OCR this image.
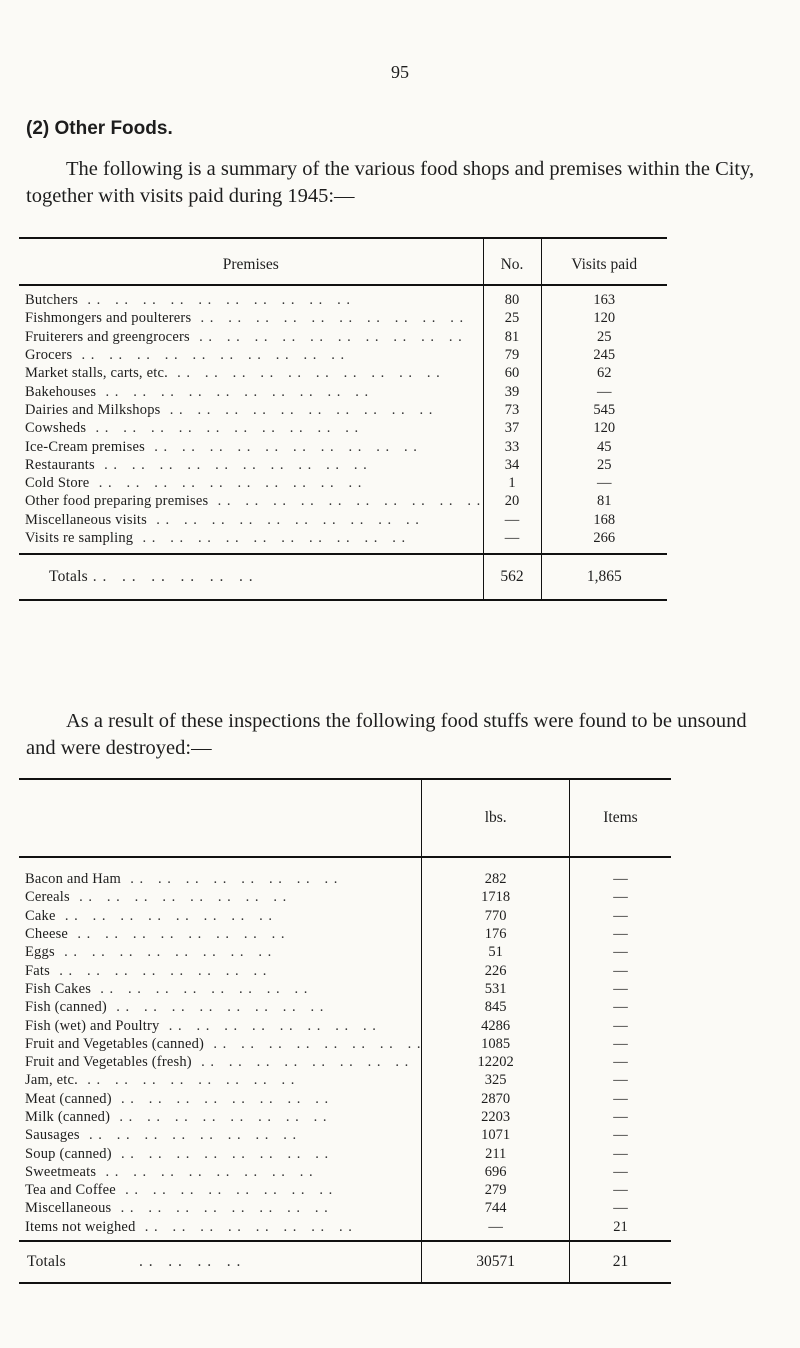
95
(2) Other Foods.
The following is a summary of the various food shops and premises within the City, together with visits paid during 1945:—
Premises	No.	Visits paid
Butchers  . .   . .   . .   . .   . .   . .   . .   . .   . .   . .	80	163
Fishmongers and poulterers  . .   . .   . .   . .   . .   . .   . .   . .   . .   . .	25	120
Fruiterers and greengrocers  . .   . .   . .   . .   . .   . .   . .   . .   . .   . .	81	25
Grocers  . .   . .   . .   . .   . .   . .   . .   . .   . .   . .	79	245
Market stalls, carts, etc.  . .   . .   . .   . .   . .   . .   . .   . .   . .   . .	60	62
Bakehouses  . .   . .   . .   . .   . .   . .   . .   . .   . .   . .	39	—
Dairies and Milkshops  . .   . .   . .   . .   . .   . .   . .   . .   . .   . .	73	545
Cowsheds  . .   . .   . .   . .   . .   . .   . .   . .   . .   . .	37	120
Ice-Cream premises  . .   . .   . .   . .   . .   . .   . .   . .   . .   . .	33	45
Restaurants  . .   . .   . .   . .   . .   . .   . .   . .   . .   . .	34	25
Cold Store  . .   . .   . .   . .   . .   . .   . .   . .   . .   . .	1	—
Other food preparing premises  . .   . .   . .   . .   . .   . .   . .   . .   . .   . .	20	81
Miscellaneous visits  . .   . .   . .   . .   . .   . .   . .   . .   . .   . .	—	168
Visits re sampling  . .   . .   . .   . .   . .   . .   . .   . .   . .   . .	—	266
Totals . .   . .   . .   . .   . .   . .	562	1,865
As a result of these inspections the following food stuffs were found to be unsound and were destroyed:—
	lbs.	Items
Bacon and Ham  . .   . .   . .   . .   . .   . .   . .   . .	282	—
Cereals  . .   . .   . .   . .   . .   . .   . .   . .	1718	—
Cake  . .   . .   . .   . .   . .   . .   . .   . .	770	—
Cheese  . .   . .   . .   . .   . .   . .   . .   . .	176	—
Eggs  . .   . .   . .   . .   . .   . .   . .   . .	51	—
Fats  . .   . .   . .   . .   . .   . .   . .   . .	226	—
Fish Cakes  . .   . .   . .   . .   . .   . .   . .   . .	531	—
Fish (canned)  . .   . .   . .   . .   . .   . .   . .   . .	845	—
Fish (wet) and Poultry  . .   . .   . .   . .   . .   . .   . .   . .	4286	—
Fruit and Vegetables (canned)  . .   . .   . .   . .   . .   . .   . .   . .	1085	—
Fruit and Vegetables (fresh)  . .   . .   . .   . .   . .   . .   . .   . .	12202	—
Jam, etc.  . .   . .   . .   . .   . .   . .   . .   . .	325	—
Meat (canned)  . .   . .   . .   . .   . .   . .   . .   . .	2870	—
Milk (canned)  . .   . .   . .   . .   . .   . .   . .   . .	2203	—
Sausages  . .   . .   . .   . .   . .   . .   . .   . .	1071	—
Soup (canned)  . .   . .   . .   . .   . .   . .   . .   . .	211	—
Sweetmeats  . .   . .   . .   . .   . .   . .   . .   . .	696	—
Tea and Coffee  . .   . .   . .   . .   . .   . .   . .   . .	279	—
Miscellaneous  . .   . .   . .   . .   . .   . .   . .   . .	744	—
Items not weighed  . .   . .   . .   . .   . .   . .   . .   . .	—	21
Totals               . .   . .   . .   . .	30571	21
